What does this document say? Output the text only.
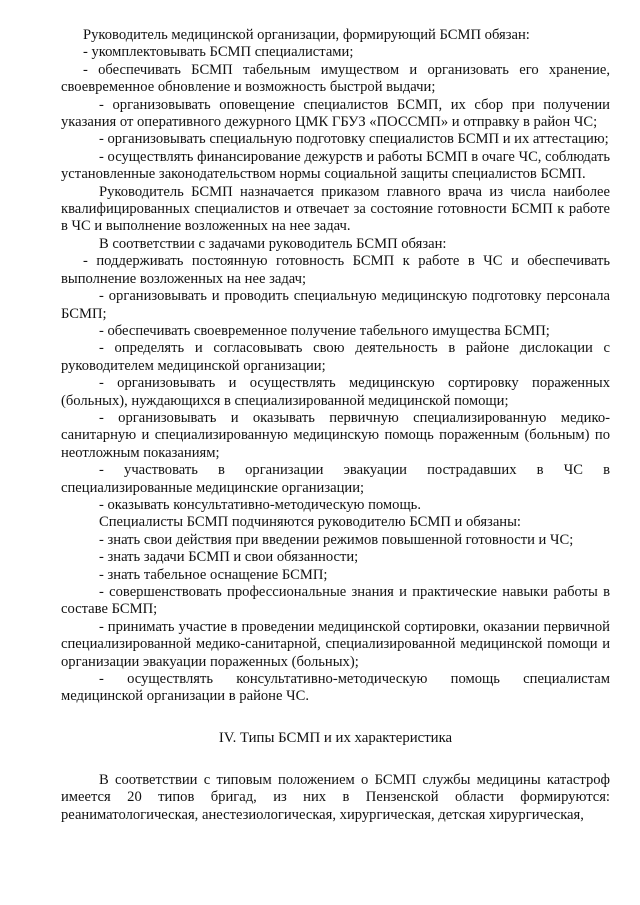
Руководитель медицинской организации, формирующий БСМП обязан:

- укомплектовывать БСМП специалистами;

- обеспечивать БСМП табельным имуществом и организовать его хранение, своевременное обновление и возможность быстрой выдачи;

- организовывать оповещение специалистов БСМП, их сбор при получении указания от оперативного дежурного ЦМК ГБУЗ «ПОССМП» и отправку в район ЧС;

- организовывать специальную подготовку специалистов БСМП и их аттестацию;

- осуществлять финансирование дежурств и работы БСМП в очаге ЧС, соблюдать установленные законодательством нормы социальной защиты специалистов БСМП.

Руководитель БСМП назначается приказом главного врача из числа наиболее квалифицированных специалистов и отвечает за состояние готовности БСМП к работе в ЧС и выполнение возложенных на нее задач.

В соответствии с задачами руководитель БСМП обязан:

- поддерживать постоянную готовность БСМП к работе в ЧС и обеспечивать выполнение возложенных на нее задач;

- организовывать и проводить специальную медицинскую подготовку персонала БСМП;

- обеспечивать своевременное получение табельного имущества БСМП;

- определять и согласовывать свою деятельность в районе дислокации с руководителем медицинской организации;

- организовывать и осуществлять медицинскую сортировку пораженных (больных), нуждающихся в специализированной медицинской помощи;

- организовывать и оказывать первичную специализированную медико-санитарную и специализированную медицинскую помощь пораженным (больным) по неотложным показаниям;

- участвовать в организации эвакуации пострадавших в ЧС в специализированные медицинские организации;

- оказывать консультативно-методическую помощь.

Специалисты БСМП подчиняются руководителю БСМП и обязаны:

- знать свои действия при введении режимов повышенной готовности и ЧС;

- знать задачи БСМП и свои обязанности;

- знать табельное оснащение БСМП;

- совершенствовать профессиональные знания и практические навыки работы в составе БСМП;

- принимать участие в проведении медицинской сортировки, оказании первичной специализированной медико-санитарной, специализированной медицинской помощи и организации эвакуации пораженных (больных);

- осуществлять консультативно-методическую помощь специалистам медицинской организации в районе ЧС.

IV. Типы БСМП и их характеристика

В соответствии с типовым положением о БСМП службы медицины катастроф имеется 20 типов бригад, из них в Пензенской области формируются: реаниматологическая, анестезиологическая, хирургическая, детская хирургическая,
